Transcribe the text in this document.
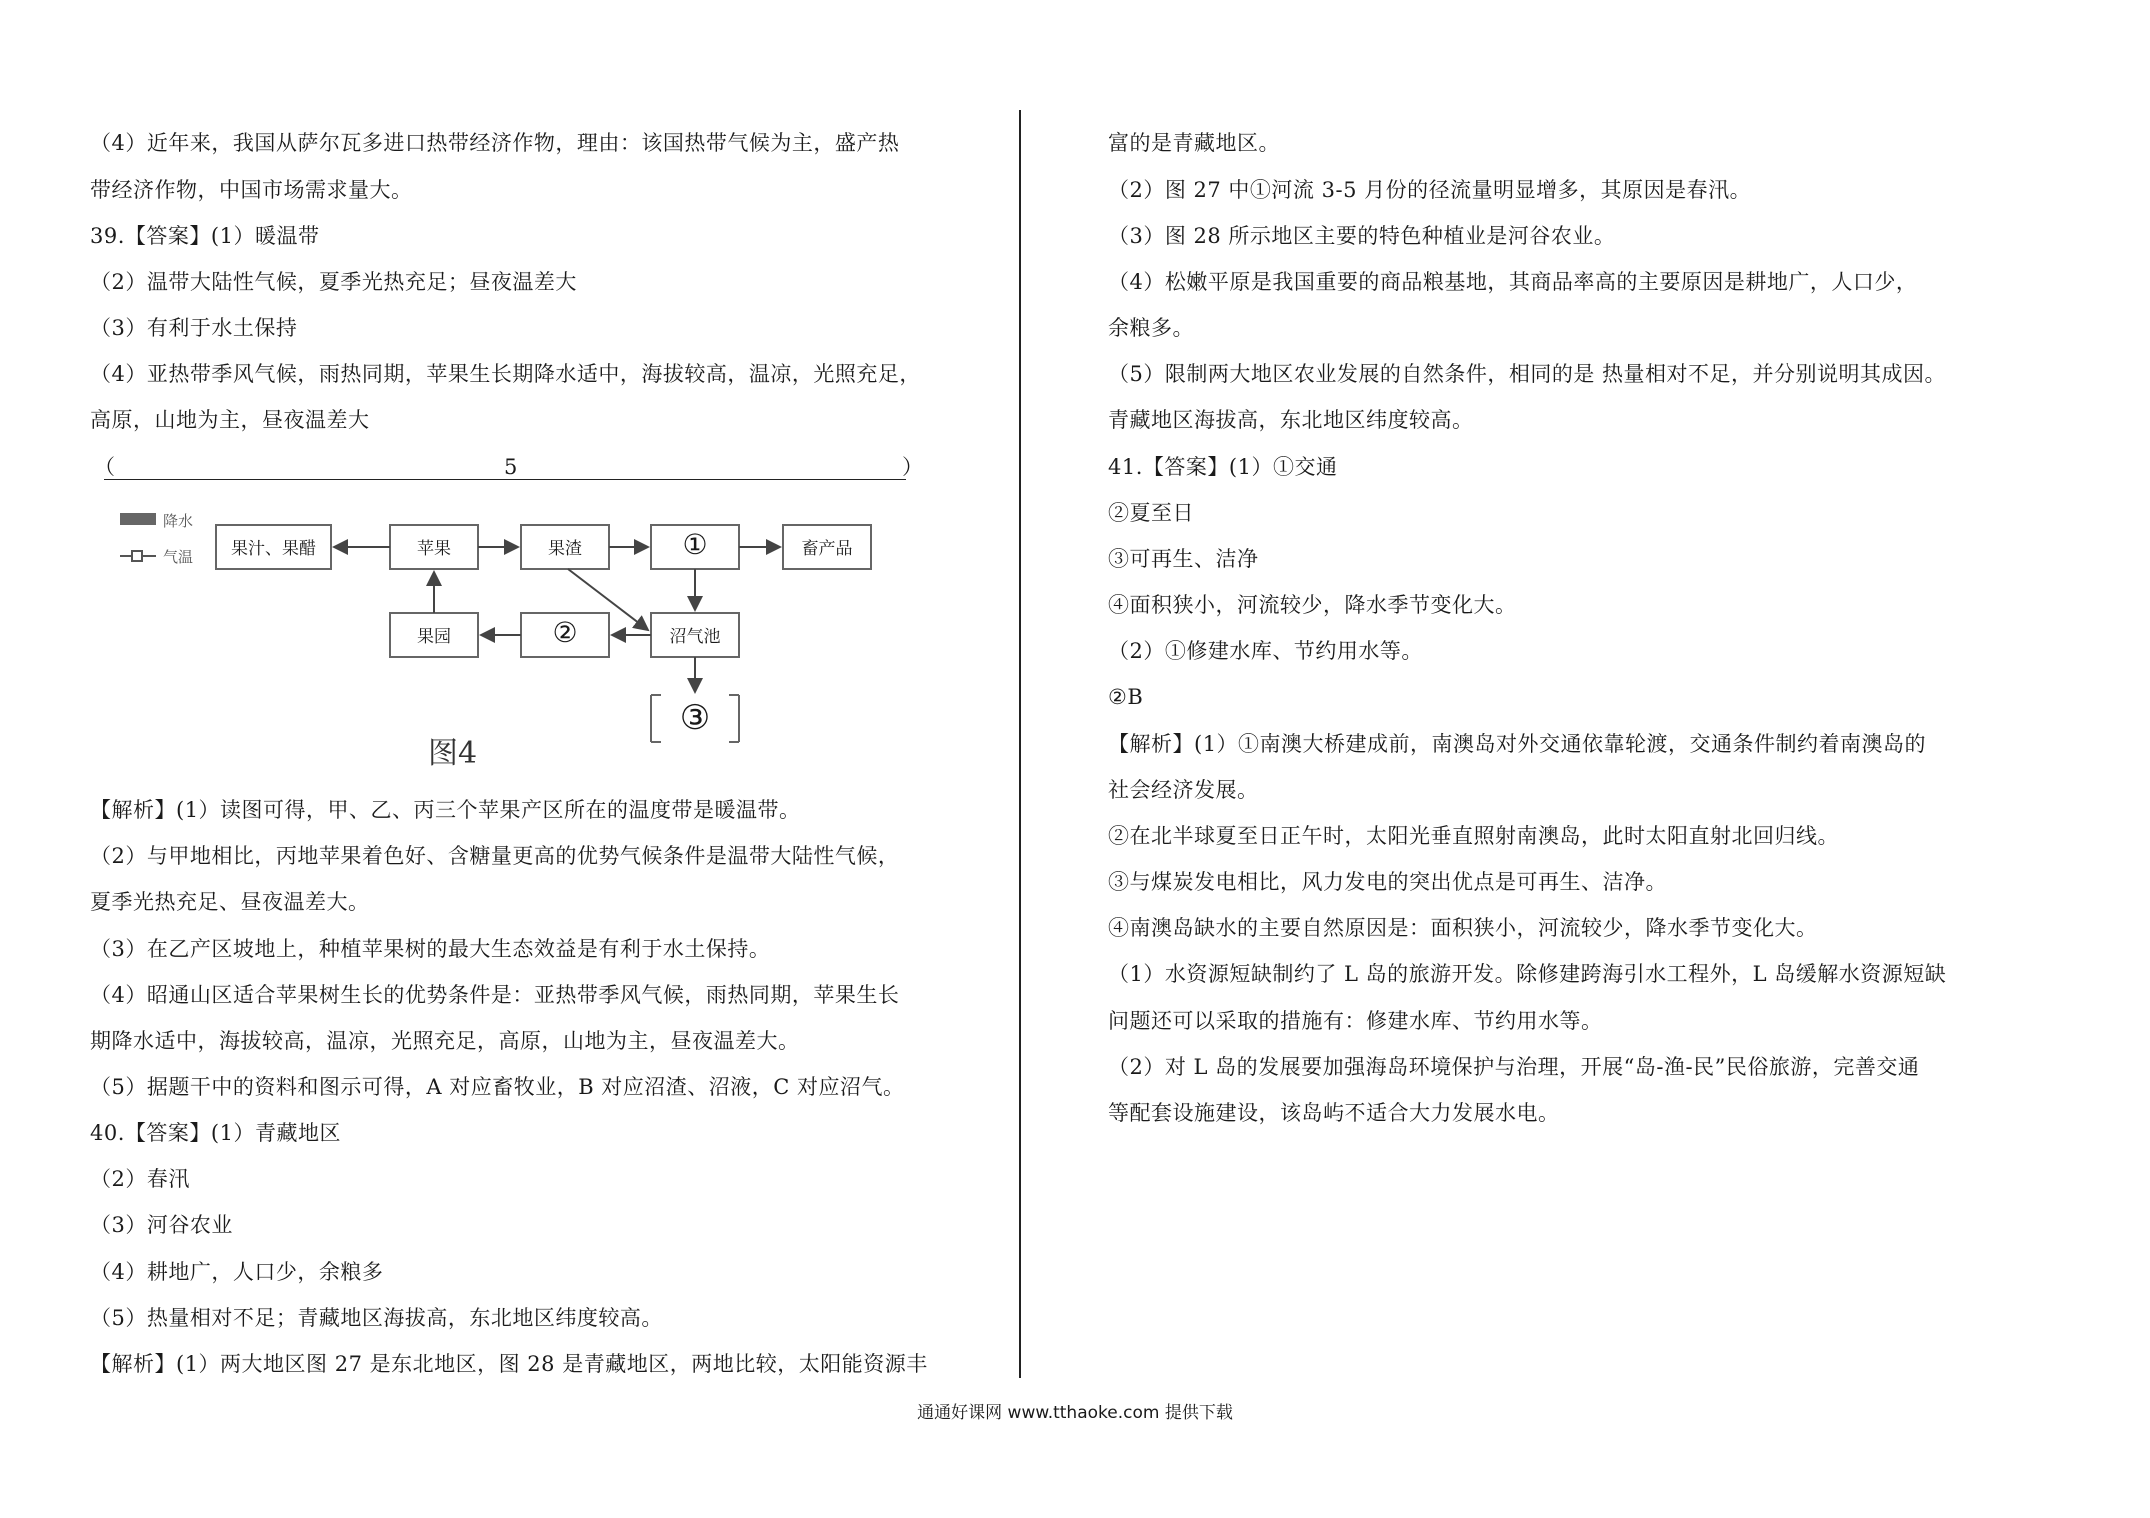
（4）近年来，我国从萨尔瓦多进口热带经济作物，理由：该国热带气候为主，盛产热
带经济作物，中国市场需求量大。
39.【答案】(1）暖温带
（2）温带大陆性气候，夏季光热充足；昼夜温差大
（3）有利于水土保持
（4）亚热带季风气候，雨热同期，苹果生长期降水适中，海拔较高，温凉，光照充足，
高原，山地为主，昼夜温差大
（	5	）
【解析】(1）读图可得，甲、乙、丙三个苹果产区所在的温度带是暖温带。
（2）与甲地相比，丙地苹果着色好、含糖量更高的优势气候条件是温带大陆性气候，
夏季光热充足、昼夜温差大。
（3）在乙产区坡地上，种植苹果树的最大生态效益是有利于水土保持。
（4）昭通山区适合苹果树生长的优势条件是：亚热带季风气候，雨热同期，苹果生长
期降水适中，海拔较高，温凉，光照充足，高原，山地为主，昼夜温差大。
（5）据题干中的资料和图示可得，A 对应畜牧业，B 对应沼渣、沼液，C 对应沼气。
40.【答案】(1）青藏地区
（2）春汛
（3）河谷农业
（4）耕地广，人口少，余粮多
（5）热量相对不足；青藏地区海拔高，东北地区纬度较高。
【解析】(1）两大地区图 27 是东北地区，图 28 是青藏地区，两地比较，太阳能资源丰
降水
气温	果汁、果醋	苹果	果渣	①	畜产品
果园	②	沼气池
③
图4
富的是青藏地区。
（2）图 27 中①河流 3-5 月份的径流量明显增多，其原因是春汛。
（3）图 28 所示地区主要的特色种植业是河谷农业。
（4）松嫩平原是我国重要的商品粮基地，其商品率高的主要原因是耕地广，人口少，
余粮多。
（5）限制两大地区农业发展的自然条件，相同的是 热量相对不足，并分别说明其成因。
青藏地区海拔高，东北地区纬度较高。
41.【答案】(1）①交通
②夏至日
③可再生、洁净
④面积狭小，河流较少，降水季节变化大。
（2）①修建水库、节约用水等。
②B
【解析】(1）①南澳大桥建成前，南澳岛对外交通依靠轮渡，交通条件制约着南澳岛的
社会经济发展。
②在北半球夏至日正午时，太阳光垂直照射南澳岛，此时太阳直射北回归线。
③与煤炭发电相比，风力发电的突出优点是可再生、洁净。
④南澳岛缺水的主要自然原因是：面积狭小，河流较少，降水季节变化大。
（1）水资源短缺制约了 L 岛的旅游开发。除修建跨海引水工程外，L 岛缓解水资源短缺
问题还可以采取的措施有：修建水库、节约用水等。
（2）对 L 岛的发展要加强海岛环境保护与治理，开展“岛-渔-民”民俗旅游，完善交通
等配套设施建设，该岛屿不适合大力发展水电。
通通好课网 www.tthaoke.com 提供下载
